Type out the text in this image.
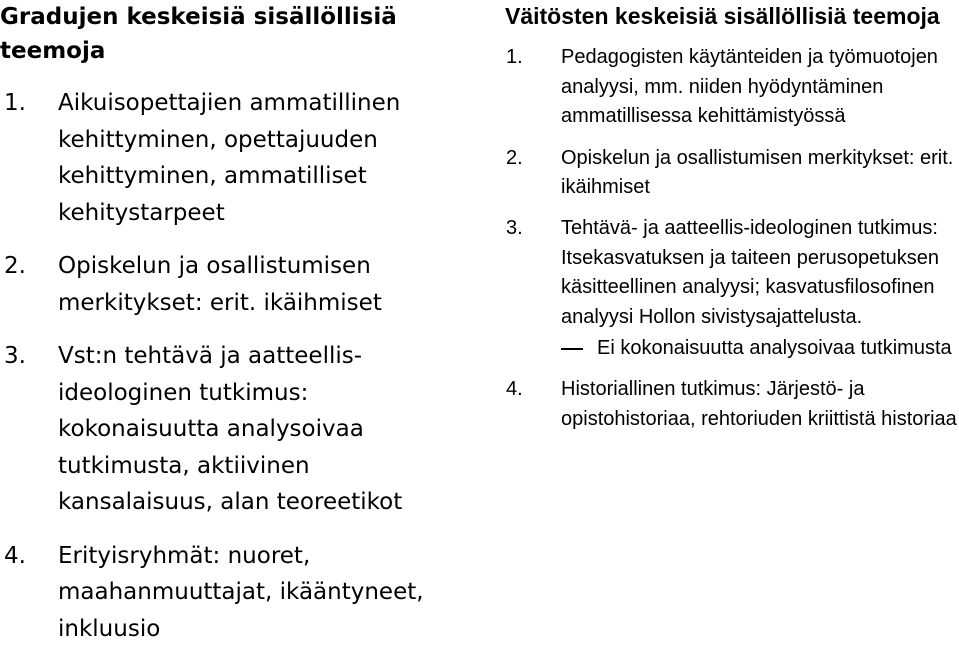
Gradujen keskeisiä sisällöllisiä teemoja
1. Aikuisopettajien ammatillinen kehittyminen, opettajuuden kehittyminen, ammatilliset kehitystarpeet
2. Opiskelun ja osallistumisen merkitykset: erit. ikäihmiset
3. Vst:n tehtävä ja aatteellis-ideologinen tutkimus: kokonaisuutta analysoivaa tutkimusta, aktiivinen kansalaisuus, alan teoreetikot
4. Erityisryhmät: nuoret, maahanmuuttajat, ikääntyneet, inkluusio
Väitösten keskeisiä sisällöllisiä teemoja
1. Pedagogisten käytänteiden ja työmuotojen analyysi, mm. niiden hyödyntäminen ammatillisessa kehittämistyössä
2. Opiskelun ja osallistumisen merkitykset: erit. ikäihmiset
3. Tehtävä- ja aatteellis-ideologinen tutkimus: Itsekasvatuksen ja taiteen perusopetuksen käsitteellinen analyysi; kasvatusfilosofinen analyysi Hollon sivistysajattelusta.
Ei kokonaisuutta analysoivaa tutkimusta
4. Historiallinen tutkimus: Järjestö- ja opistohistoriaa, rehtoriuden kriittistä historiaa
